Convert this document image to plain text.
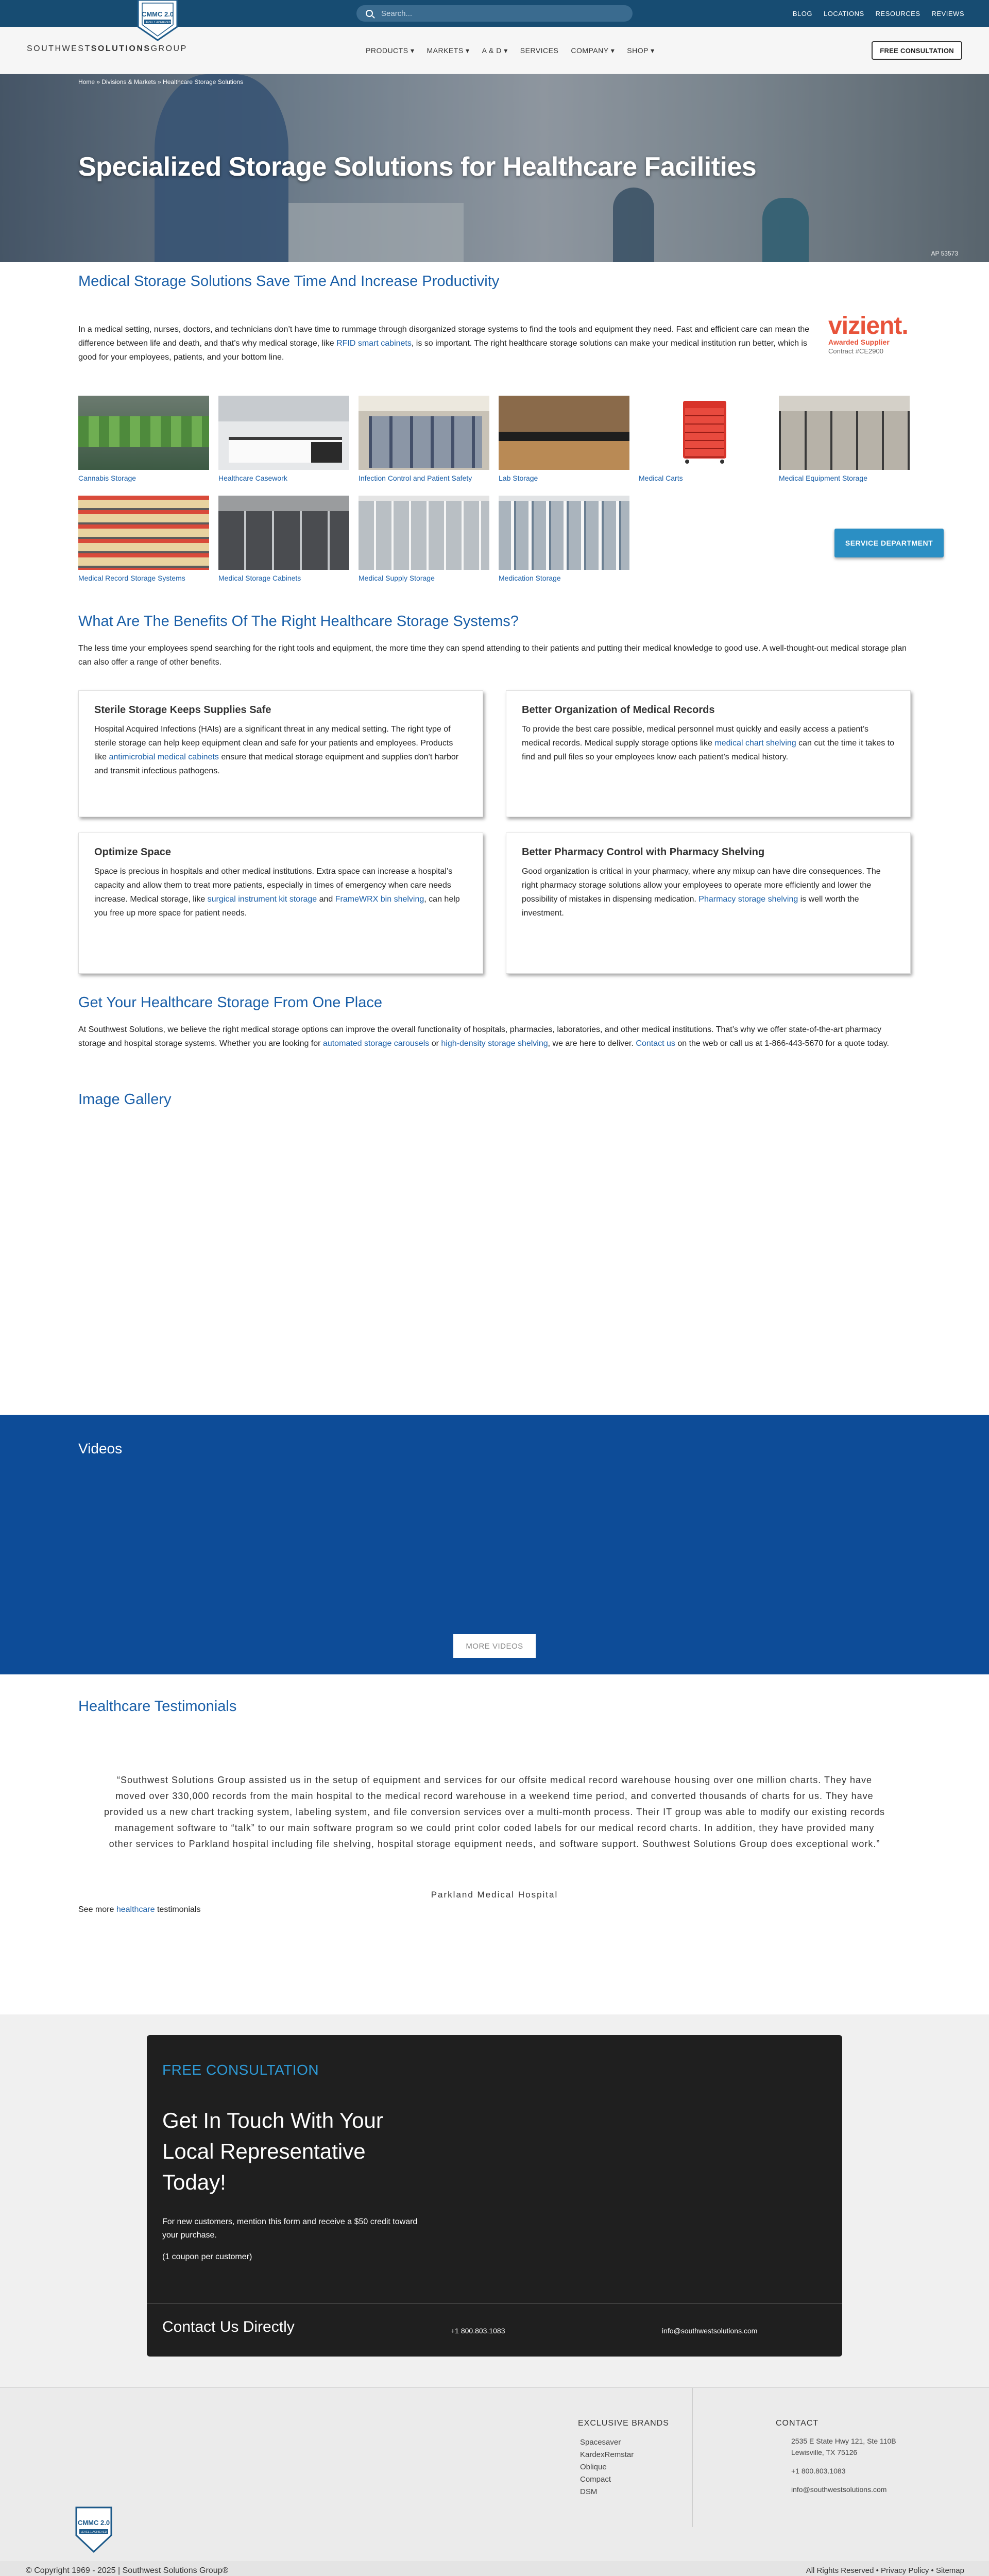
CMMC 2.0
LEVEL 1 ACHIEVED
Search...	BLOG LOCATIONS RESOURCES REVIEWS
SOUTHWESTSOLUTIONSGROUP	PRODUCTS ▾ MARKETS ▾ A & D ▾ SERVICES COMPANY ▾ SHOP ▾	FREE CONSULTATION
Home » Divisions & Markets » Healthcare Storage Solutions
Specialized Storage Solutions for Healthcare Facilities
AP 53573
Medical Storage Solutions Save Time And Increase Productivity

In a medical setting, nurses, doctors, and technicians don’t have time to rummage through disorganized storage systems to find the tools and equipment they need. Fast and efficient care can mean the difference between life and death, and that’s why medical storage, like RFID smart cabinets, is so important. The right healthcare storage solutions can make your medical institution run better, which is good for your employees, patients, and your bottom line.

vizient.
Awarded Supplier
Contract #CE2900
Cannabis Storage	Healthcare Casework	Infection Control and Patient Safety	Lab Storage	Medical Carts	Medical Equipment Storage
Medical Record Storage Systems	Medical Storage Cabinets	Medical Supply Storage	Medication Storage
SERVICE DEPARTMENT
What Are The Benefits Of The Right Healthcare Storage Systems?

The less time your employees spend searching for the right tools and equipment, the more time they can spend attending to their patients and putting their medical knowledge to good use. A well-thought-out medical storage plan can also offer a range of other benefits.

Sterile Storage Keeps Supplies Safe

Hospital Acquired Infections (HAIs) are a significant threat in any medical setting. The right type of sterile storage can help keep equipment clean and safe for your patients and employees. Products like antimicrobial medical cabinets ensure that medical storage equipment and supplies don’t harbor and transmit infectious pathogens.

Better Organization of Medical Records

To provide the best care possible, medical personnel must quickly and easily access a patient’s medical records. Medical supply storage options like medical chart shelving can cut the time it takes to find and pull files so your employees know each patient’s medical history.

Optimize Space

Space is precious in hospitals and other medical institutions. Extra space can increase a hospital’s capacity and allow them to treat more patients, especially in times of emergency when care needs increase. Medical storage, like surgical instrument kit storage and FrameWRX bin shelving, can help you free up more space for patient needs.

Better Pharmacy Control with Pharmacy Shelving

Good organization is critical in your pharmacy, where any mixup can have dire consequences. The right pharmacy storage solutions allow your employees to operate more efficiently and lower the possibility of mistakes in dispensing medication. Pharmacy storage shelving is well worth the investment.

Get Your Healthcare Storage From One Place

At Southwest Solutions, we believe the right medical storage options can improve the overall functionality of hospitals, pharmacies, laboratories, and other medical institutions. That’s why we offer state-of-the-art pharmacy storage and hospital storage systems. Whether you are looking for automated storage carousels or high-density storage shelving, we are here to deliver. Contact us on the web or call us at 1-866-443-5670 for a quote today.

Image Gallery
Videos
MORE VIDEOS
Healthcare Testimonials
“Southwest Solutions Group assisted us in the setup of equipment and services for our offsite medical record warehouse housing over one million charts. They have moved over 330,000 records from the main hospital to the medical record warehouse in a weekend time period, and converted thousands of charts for us. They have provided us a new chart tracking system, labeling system, and file conversion services over a multi-month process. Their IT group was able to modify our existing records management software to “talk” to our main software program so we could print color coded labels for our medical record charts. In addition, they have provided many other services to Parkland hospital including file shelving, hospital storage equipment needs, and software support. Southwest Solutions Group does exceptional work.”
Parkland Medical Hospital
See more healthcare testimonials
FREE CONSULTATION
Get In Touch With Your Local Representative Today!
For new customers, mention this form and receive a $50 credit toward your purchase.
(1 coupon per customer)
Contact Us Directly	+1 800.803.1083	info@southwestsolutions.com
EXCLUSIVE BRANDS
Spacesaver
KardexRemstar
Oblique
Compact
DSM
CONTACT
2535 E State Hwy 121, Ste 110B
Lewisville, TX 75126
+1 800.803.1083
info@southwestsolutions.com
CMMC 2.0
LEVEL 1 ACHIEVED
© Copyright 1969 - 2025 | Southwest Solutions Group®	All Rights Reserved • Privacy Policy • Sitemap
